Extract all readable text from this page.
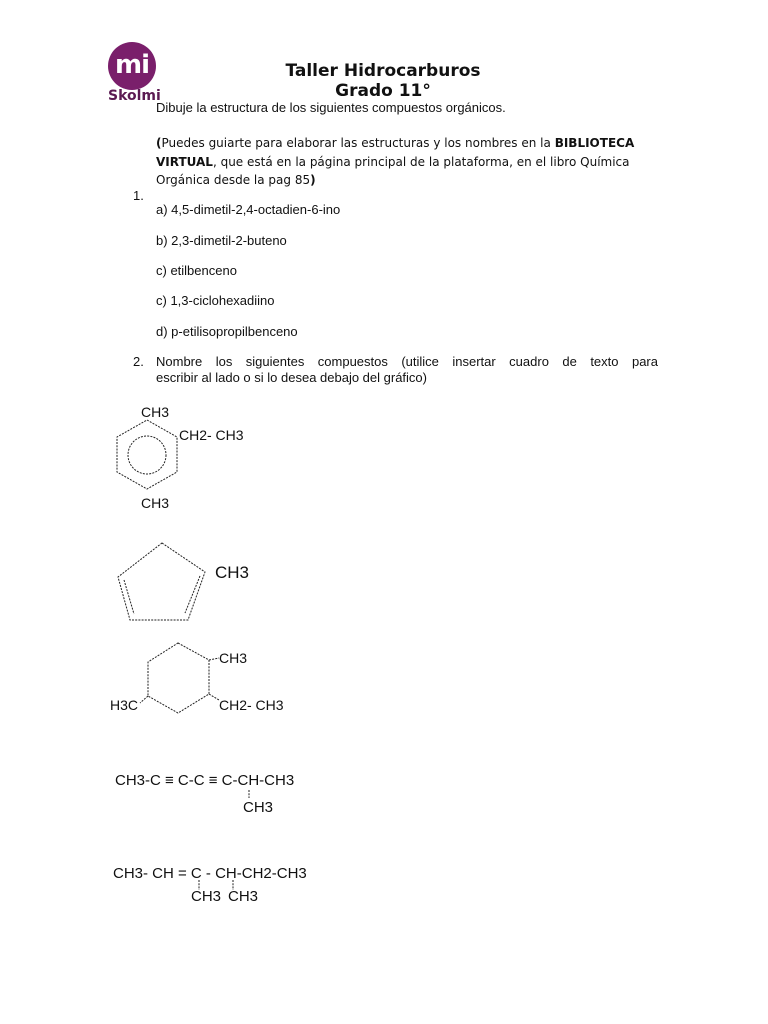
mi
Skolmi
Taller Hidrocarburos
Grado 11°
Dibuje la estructura de los siguientes compuestos orgánicos.
(Puedes guiarte para elaborar las estructuras y los nombres en la BIBLIOTECA VIRTUAL, que está en la página principal de la plataforma, en el libro Química Orgánica desde la pag 85)
1.
a) 4,5-dimetil-2,4-octadien-6-ino
b) 2,3-dimetil-2-buteno
c) etilbenceno
c) 1,3-ciclohexadiino
d) p-etilisopropilbenceno
2. Nombre los siguientes compuestos (utilice insertar cuadro de texto para
escribir al lado o si lo desea debajo del gráfico)
CH3
CH2- CH3
CH3
CH3
CH3
H3C	CH2- CH3
CH3-C ≡ C-C ≡ C-CH-CH3
CH3
CH3- CH = C - CH-CH2-CH3
CH3 CH3
